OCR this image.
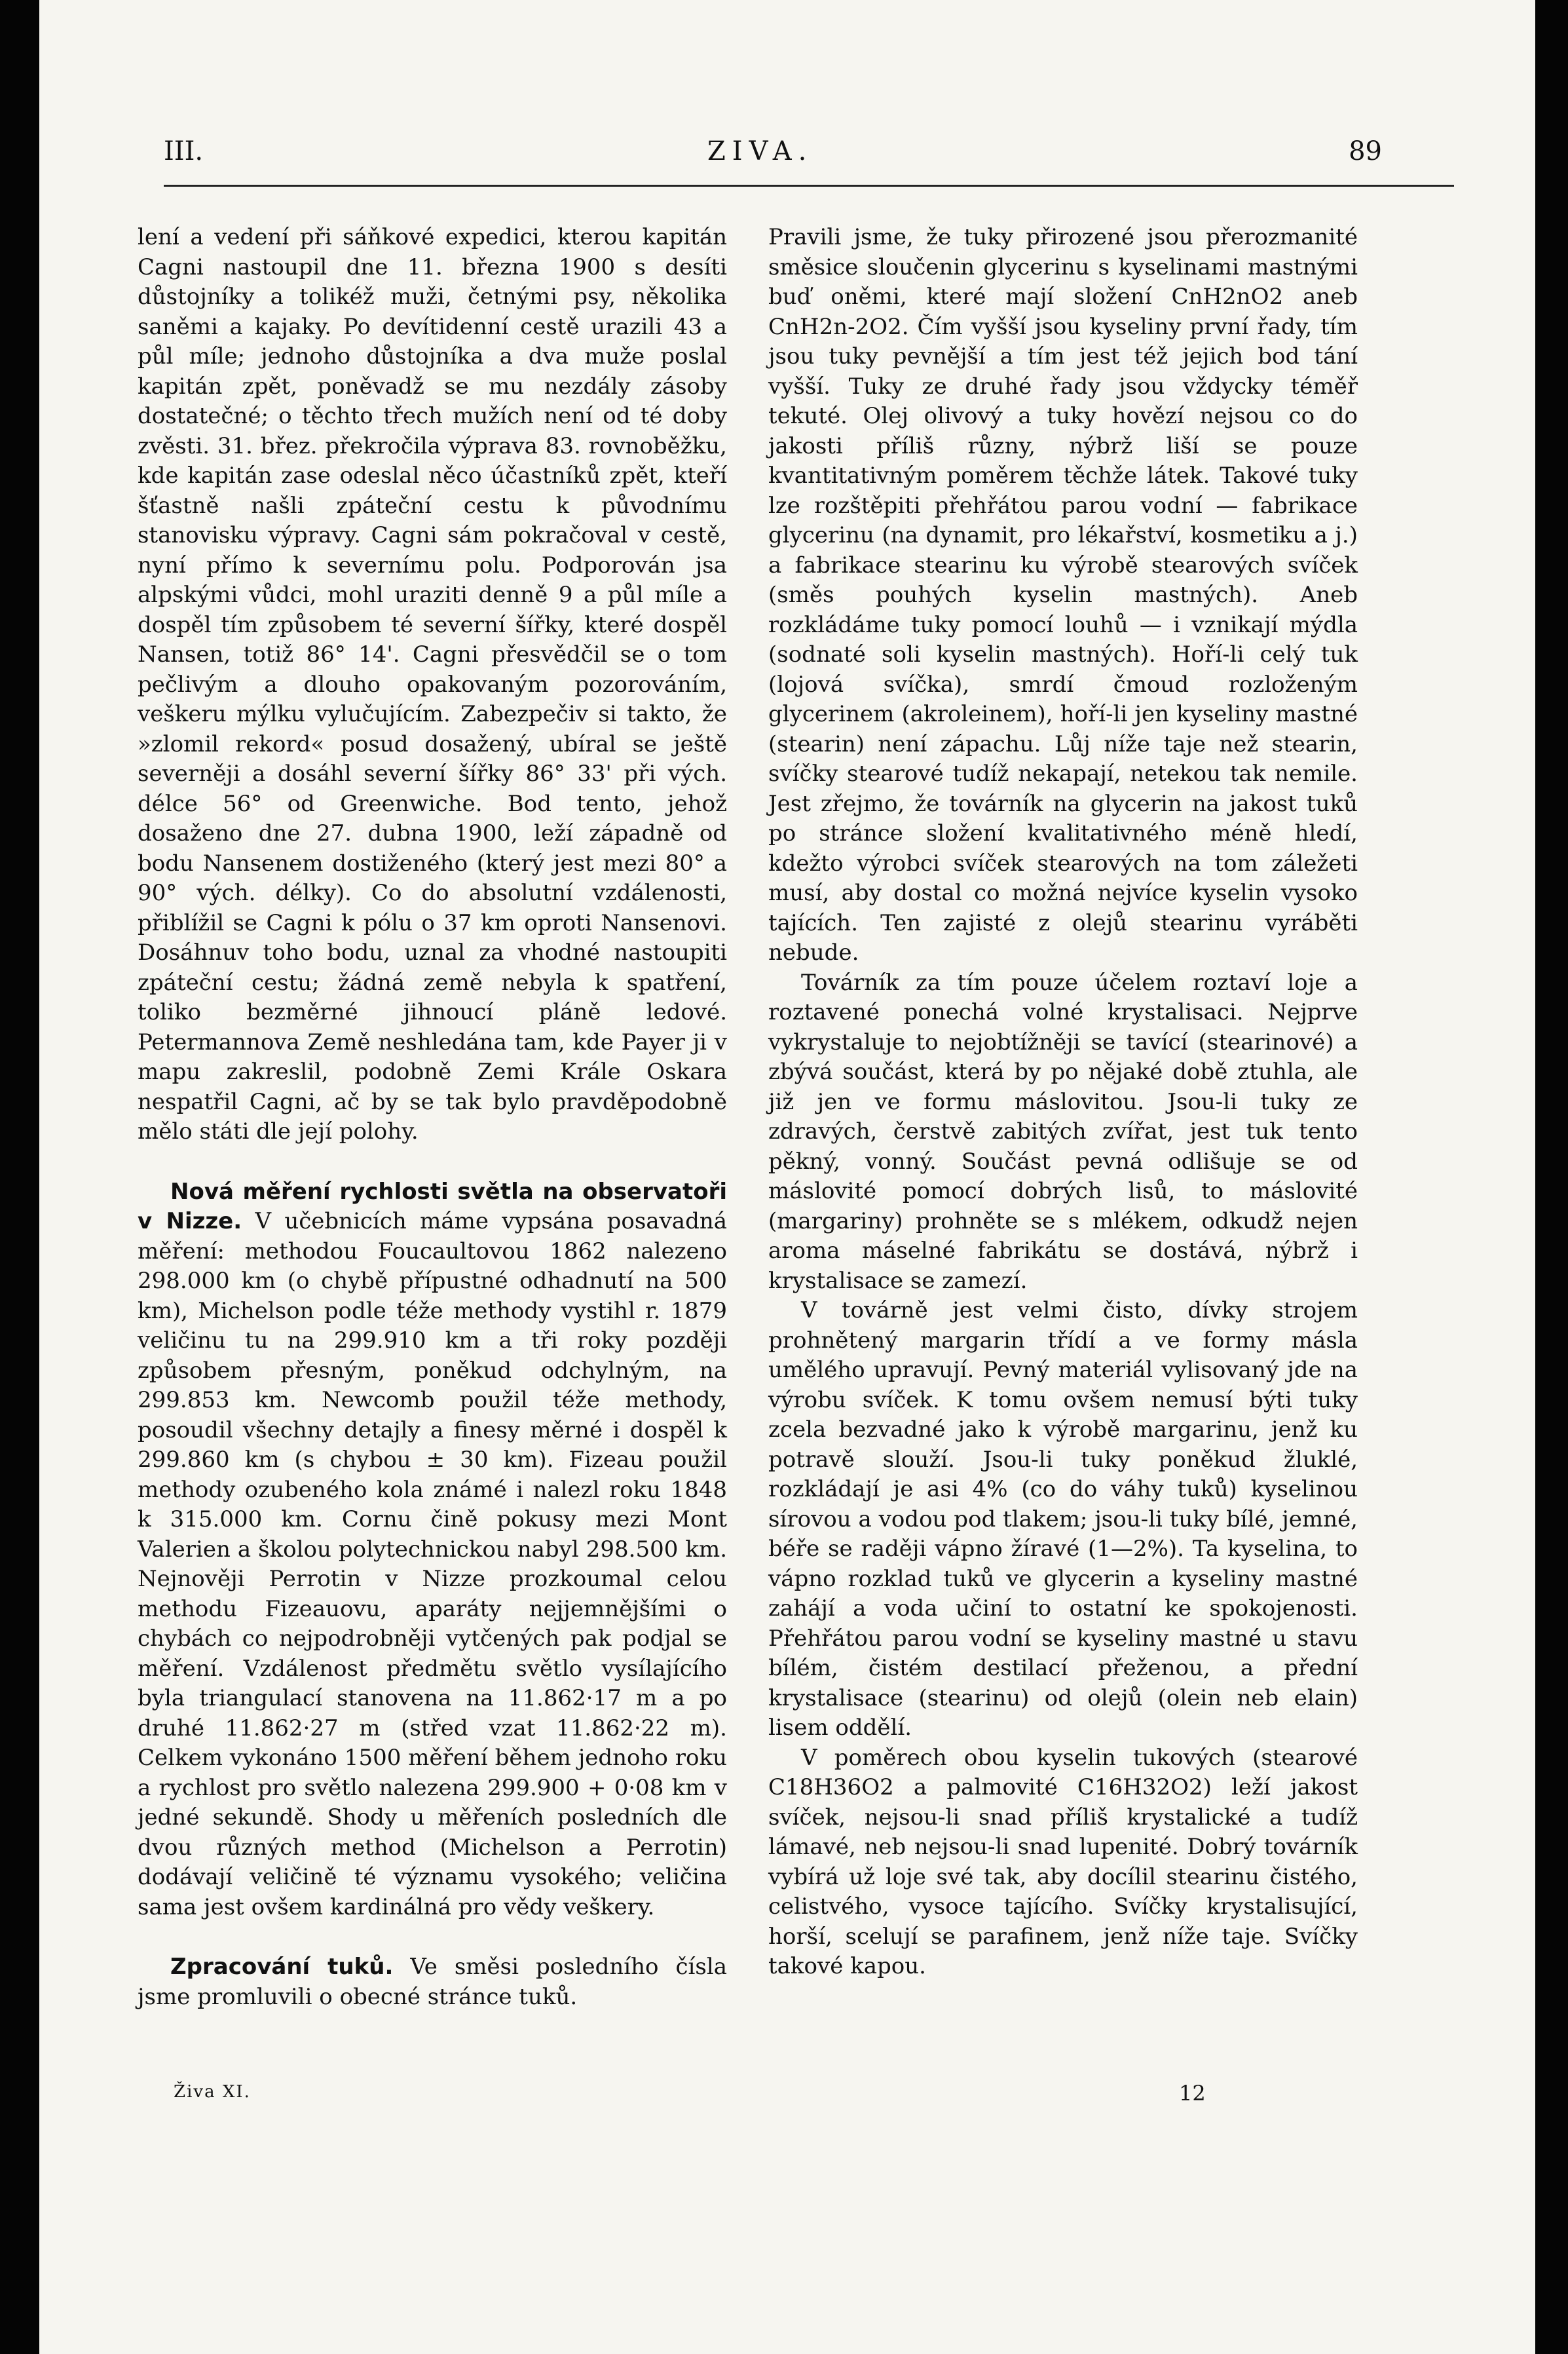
III.	ZIVA.	89

lení a vedení při sáňkové expedici, kterou kapitán Cagni nastoupil dne 11. března 1900 s desíti důstojníky a tolikéž muži, četnými psy, několika saněmi a kajaky. Po devítidenní cestě urazili 43 a půl míle; jednoho důstojníka a dva muže poslal kapitán zpět, poněvadž se mu nezdály zásoby dostatečné; o těchto třech mužích není od té doby zvěsti. 31. břez. překročila výprava 83. rovnoběžku, kde kapitán zase odeslal něco účastníků zpět, kteří šťastně našli zpáteční cestu k původnímu stanovisku výpravy. Cagni sám pokračoval v cestě, nyní přímo k severnímu polu. Podporován jsa alpskými vůdci, mohl uraziti denně 9 a půl míle a dospěl tím způsobem té severní šířky, které dospěl Nansen, totiž 86° 14'. Cagni přesvědčil se o tom pečlivým a dlouho opakovaným pozorováním, veškeru mýlku vylučujícím. Zabezpečiv si takto, že »zlomil rekord« posud dosažený, ubíral se ještě severněji a dosáhl severní šířky 86° 33' při vých. délce 56° od Greenwiche. Bod tento, jehož dosaženo dne 27. dubna 1900, leží západně od bodu Nansenem dostiženého (který jest mezi 80° a 90° vých. délky). Co do absolutní vzdálenosti, přiblížil se Cagni k pólu o 37 km oproti Nansenovi. Dosáhnuv toho bodu, uznal za vhodné nastoupiti zpáteční cestu; žádná země nebyla k spatření, toliko bezměrné jihnoucí pláně ledové. Petermannova Země neshledána tam, kde Payer ji v mapu zakreslil, podobně Zemi Krále Oskara nespatřil Cagni, ač by se tak bylo pravděpodobně mělo státi dle její polohy.

Nová měření rychlosti světla na observatoři v Nizze. V učebnicích máme vypsána posavadná měření: methodou Foucaultovou 1862 nalezeno 298.000 km (o chybě přípustné odhadnutí na 500 km), Michelson podle téže methody vystihl r. 1879 veličinu tu na 299.910 km a tři roky později způsobem přesným, poněkud odchylným, na 299.853 km. Newcomb použil téže methody, posoudil všechny detajly a finesy měrné i dospěl k 299.860 km (s chybou ± 30 km). Fizeau použil methody ozubeného kola známé i nalezl roku 1848 k 315.000 km. Cornu čině pokusy mezi Mont Valerien a školou polytechnickou nabyl 298.500 km. Nejnověji Perrotin v Nizze prozkoumal celou methodu Fizeauovu, aparáty nejjemnějšími o chybách co nejpodrobněji vytčených pak podjal se měření. Vzdálenost předmětu světlo vysílajícího byla triangulací stanovena na 11.862·17 m a po druhé 11.862·27 m (střed vzat 11.862·22 m). Celkem vykonáno 1500 měření během jednoho roku a rychlost pro světlo nalezena 299.900 + 0·08 km v jedné sekundě. Shody u měřeních posledních dle dvou různých method (Michelson a Perrotin) dodávají veličině té významu vysokého; veličina sama jest ovšem kardinálná pro vědy veškery.

Zpracování tuků. Ve směsi posledního čísla jsme promluvili o obecné stránce tuků.

Pravili jsme, že tuky přirozené jsou přerozmanité směsice sloučenin glycerinu s kyselinami mastnými buď oněmi, které mají složení CnH2nO2 aneb CnH2n-2O2. Čím vyšší jsou kyseliny první řady, tím jsou tuky pevnější a tím jest též jejich bod tání vyšší. Tuky ze druhé řady jsou vždycky téměř tekuté. Olej olivový a tuky hovězí nejsou co do jakosti příliš různy, nýbrž liší se pouze kvantitativným poměrem těchže látek. Takové tuky lze rozštěpiti přehřátou parou vodní — fabrikace glycerinu (na dynamit, pro lékařství, kosmetiku a j.) a fabrikace stearinu ku výrobě stearových svíček (směs pouhých kyselin mastných). Aneb rozkládáme tuky pomocí louhů — i vznikají mýdla (sodnaté soli kyselin mastných). Hoří-li celý tuk (lojová svíčka), smrdí čmoud rozloženým glycerinem (akroleinem), hoří-li jen kyseliny mastné (stearin) není zápachu. Lůj níže taje než stearin, svíčky stearové tudíž nekapají, netekou tak nemile. Jest zřejmo, že továrník na glycerin na jakost tuků po stránce složení kvalitativného méně hledí, kdežto výrobci svíček stearových na tom záležeti musí, aby dostal co možná nejvíce kyselin vysoko tajících. Ten zajisté z olejů stearinu vyráběti nebude.

Továrník za tím pouze účelem roztaví loje a roztavené ponechá volné krystalisaci. Nejprve vykrystaluje to nejobtížněji se tavící (stearinové) a zbývá součást, která by po nějaké době ztuhla, ale již jen ve formu máslovitou. Jsou-li tuky ze zdravých, čerstvě zabitých zvířat, jest tuk tento pěkný, vonný. Součást pevná odlišuje se od máslovité pomocí dobrých lisů, to máslovité (margariny) prohněte se s mlékem, odkudž nejen aroma máselné fabrikátu se dostává, nýbrž i krystalisace se zamezí.

V továrně jest velmi čisto, dívky strojem prohnětený margarin třídí a ve formy másla umělého upravují. Pevný materiál vylisovaný jde na výrobu svíček. K tomu ovšem nemusí býti tuky zcela bezvadné jako k výrobě margarinu, jenž ku potravě slouží. Jsou-li tuky poněkud žluklé, rozkládají je asi 4% (co do váhy tuků) kyselinou sírovou a vodou pod tlakem; jsou-li tuky bílé, jemné, béře se raději vápno žíravé (1—2%). Ta kyselina, to vápno rozklad tuků ve glycerin a kyseliny mastné zahájí a voda učiní to ostatní ke spokojenosti. Přehřátou parou vodní se kyseliny mastné u stavu bílém, čistém destilací přeženou, a přední krystalisace (stearinu) od olejů (olein neb elain) lisem oddělí.

V poměrech obou kyselin tukových (stearové C18H36O2 a palmovité C16H32O2) leží jakost svíček, nejsou-li snad příliš krystalické a tudíž lámavé, neb nejsou-li snad lupenité. Dobrý továrník vybírá už loje své tak, aby docílil stearinu čistého, celistvého, vysoce tajícího. Svíčky krystalisující, horší, scelují se parafinem, jenž níže taje. Svíčky takové kapou.

Živa XI.	12
